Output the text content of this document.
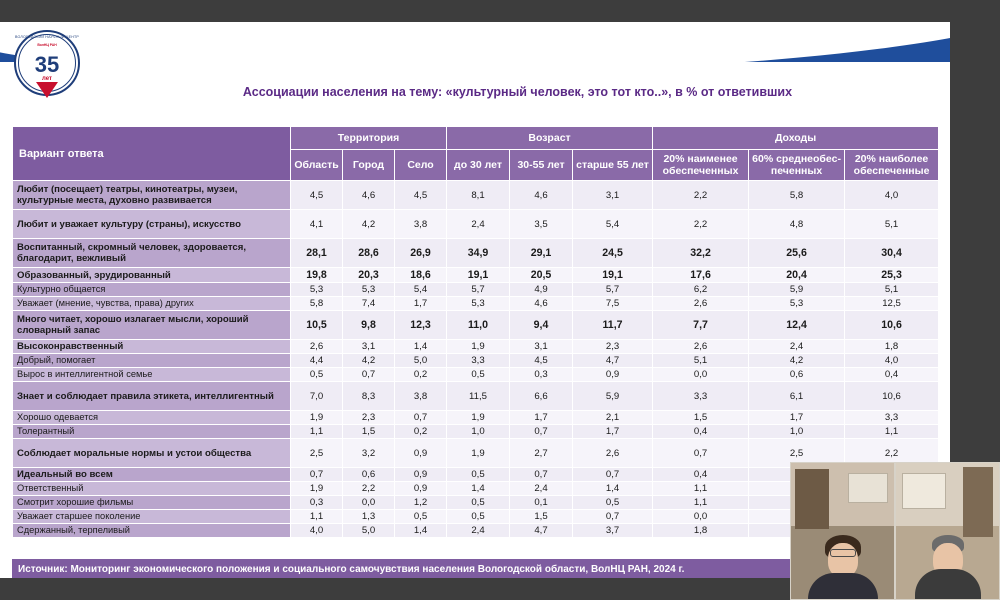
ВОЛОГОДСКИЙ НАУЧНЫЙ ЦЕНТР
ВолНЦ РАН
35
лет
Ассоциации населения на тему: «культурный человек, это тот кто..», в % от ответивших
Вариант ответа	Территория			Возраст			Доходы		
	Область	Город	Село	до 30 лет	30-55 лет	старше 55 лет	20% наименее обеспеченных	60% среднеобес-печенных	20% наиболее обеспеченные
Любит (посещает) театры, кинотеатры, музеи, культурные места, духовно развивается	4,5	4,6	4,5	8,1	4,6	3,1	2,2	5,8	4,0
Любит и уважает культуру (страны), искусство	4,1	4,2	3,8	2,4	3,5	5,4	2,2	4,8	5,1
Воспитанный, скромный человек, здоровается, благодарит, вежливый	28,1	28,6	26,9	34,9	29,1	24,5	32,2	25,6	30,4
Образованный, эрудированный	19,8	20,3	18,6	19,1	20,5	19,1	17,6	20,4	25,3
Культурно общается	5,3	5,3	5,4	5,7	4,9	5,7	6,2	5,9	5,1
Уважает (мнение, чувства, права) других	5,8	7,4	1,7	5,3	4,6	7,5	2,6	5,3	12,5
Много читает, хорошо излагает мысли, хороший словарный запас	10,5	9,8	12,3	11,0	9,4	11,7	7,7	12,4	10,6
Высоконравственный	2,6	3,1	1,4	1,9	3,1	2,3	2,6	2,4	1,8
Добрый, помогает	4,4	4,2	5,0	3,3	4,5	4,7	5,1	4,2	4,0
Вырос в интеллигентной семье	0,5	0,7	0,2	0,5	0,3	0,9	0,0	0,6	0,4
Знает и соблюдает правила этикета, интеллигентный	7,0	8,3	3,8	11,5	6,6	5,9	3,3	6,1	10,6
Хорошо одевается	1,9	2,3	0,7	1,9	1,7	2,1	1,5	1,7	3,3
Толерантный	1,1	1,5	0,2	1,0	0,7	1,7	0,4	1,0	1,1
Соблюдает моральные нормы и устои общества	2,5	3,2	0,9	1,9	2,7	2,6	0,7	2,5	2,2
Идеальный во всем	0,7	0,6	0,9	0,5	0,7	0,7	0,4		
Ответственный	1,9	2,2	0,9	1,4	2,4	1,4	1,1		
Смотрит хорошие фильмы	0,3	0,0	1,2	0,5	0,1	0,5	1,1		
Уважает старшее поколение	1,1	1,3	0,5	0,5	1,5	0,7	0,0		
Сдержанный, терпеливый	4,0	5,0	1,4	2,4	4,7	3,7	1,8		
Источник: Мониторинг экономического положения и социального самочувствия населения Вологодской области, ВолНЦ РАН, 2024 г.
